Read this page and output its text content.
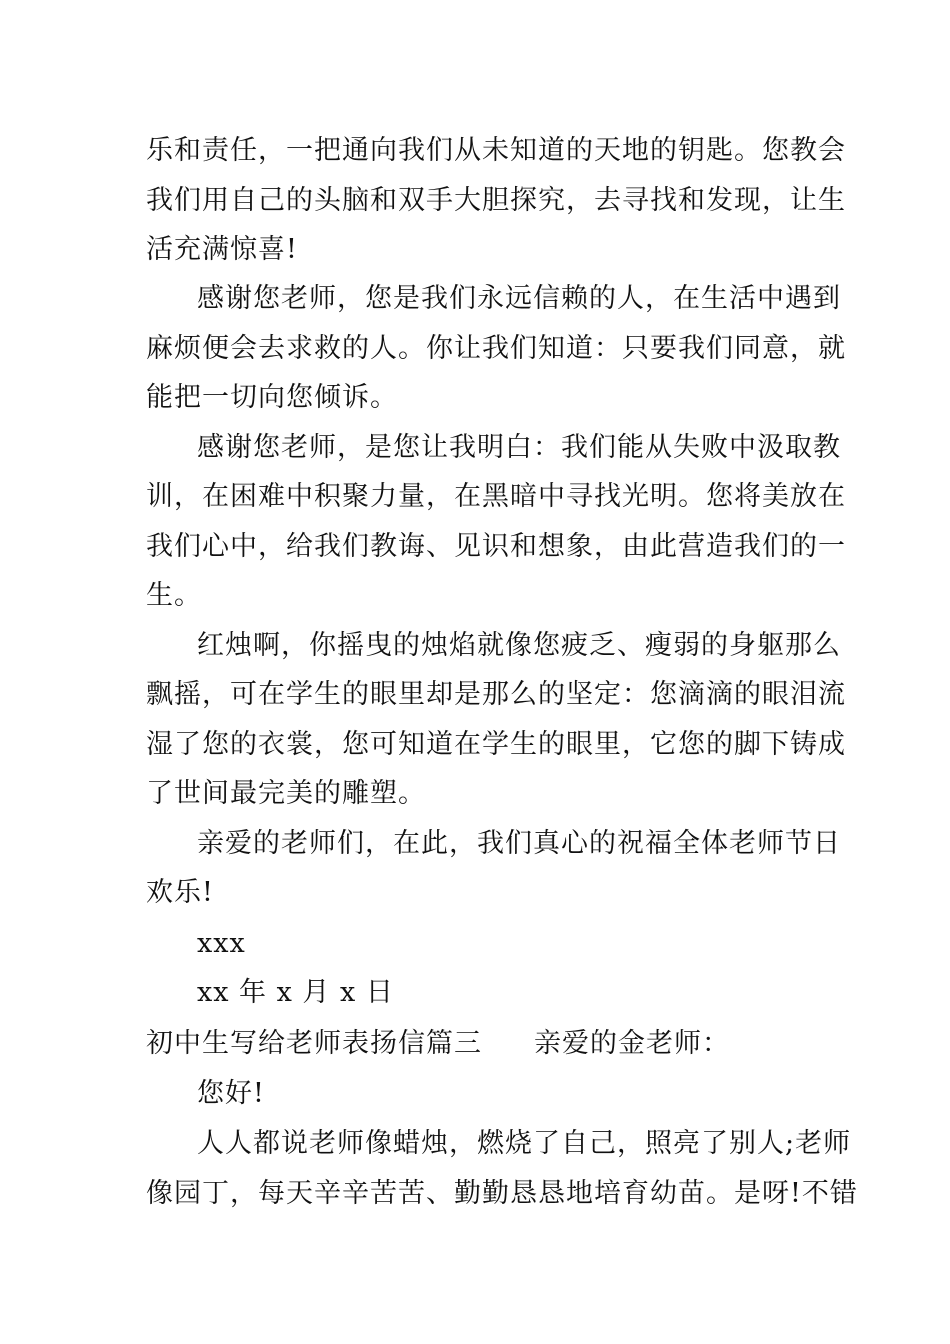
乐和责任，一把通向我们从未知道的天地的钥匙。您教会
我们用自己的头脑和双手大胆探究，去寻找和发现，让生
活充满惊喜!
感谢您老师，您是我们永远信赖的人，在生活中遇到
麻烦便会去求救的人。你让我们知道：只要我们同意，就
能把一切向您倾诉。
感谢您老师，是您让我明白：我们能从失败中汲取教
训，在困难中积聚力量，在黑暗中寻找光明。您将美放在
我们心中，给我们教诲、见识和想象，由此营造我们的一
生。
红烛啊，你摇曳的烛焰就像您疲乏、瘦弱的身躯那么
飘摇，可在学生的眼里却是那么的坚定：您滴滴的眼泪流
湿了您的衣裳，您可知道在学生的眼里，它您的脚下铸成
了世间最完美的雕塑。
亲爱的老师们，在此，我们真心的祝福全体老师节日
欢乐!
xxx
xx 年 x 月 x 日
初中生写给老师表扬信篇三 亲爱的金老师：
您好!
人人都说老师像蜡烛，燃烧了自己，照亮了别人;老师
像园丁，每天辛辛苦苦、勤勤恳恳地培育幼苗。是呀!不错
